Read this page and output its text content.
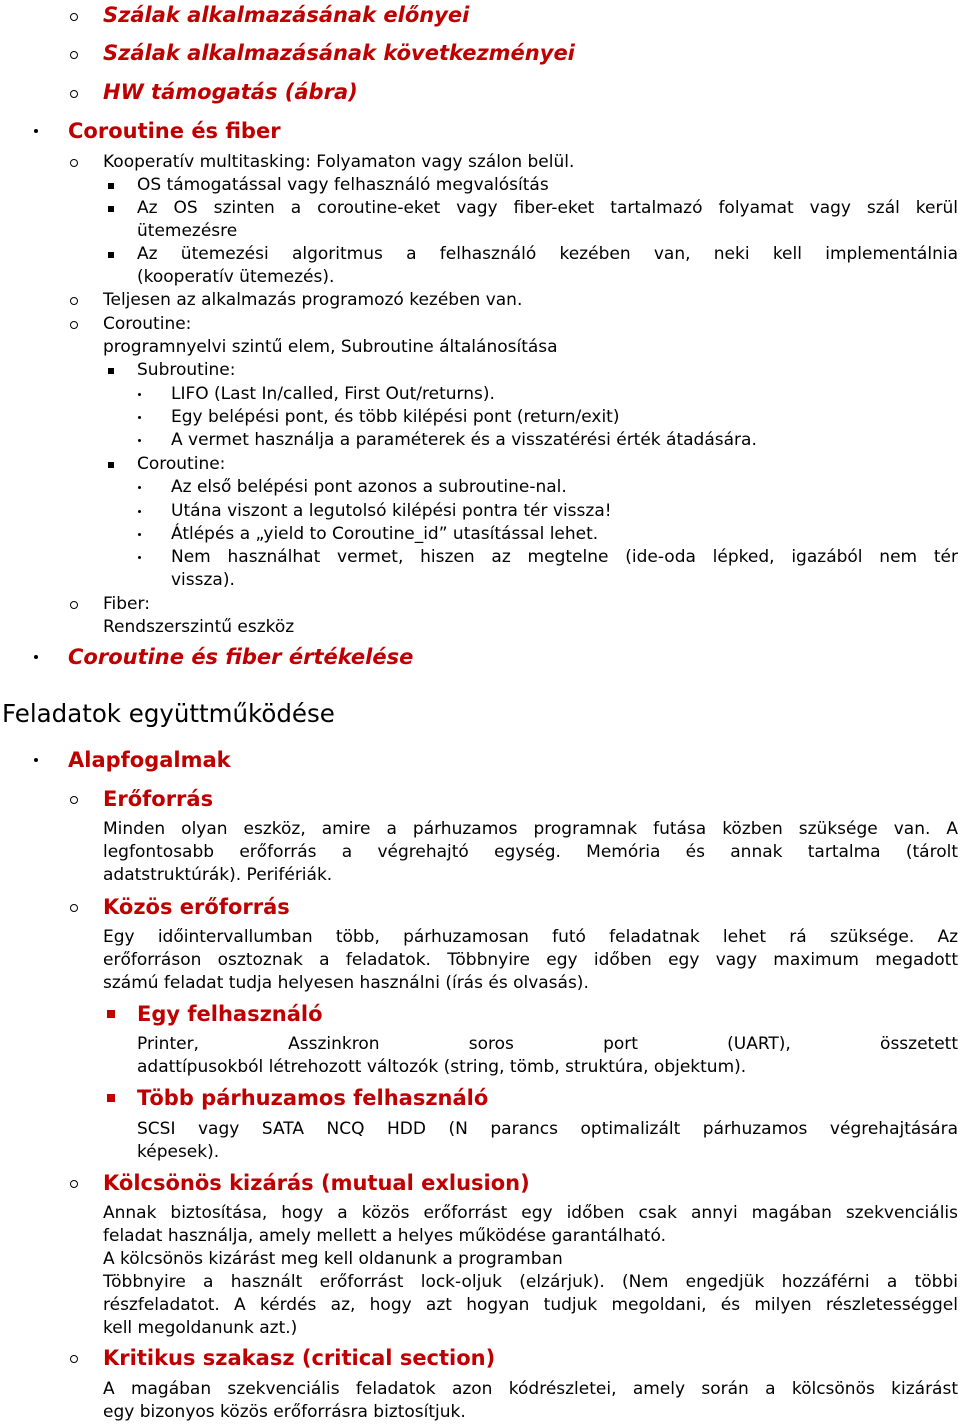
Szálak alkalmazásának előnyei
Szálak alkalmazásának következményei
HW támogatás (ábra)
Coroutine és fiber
Kooperatív multitasking: Folyamaton vagy szálon belül.
OS támogatással vagy felhasználó megvalósítás
Az OS szinten a coroutine-eket vagy fiber-eket tartalmazó folyamat vagy szál kerül
ütemezésre
Az ütemezési algoritmus a felhasználó kezében van, neki kell implementálnia
(kooperatív ütemezés).
Teljesen az alkalmazás programozó kezében van.
Coroutine:
programnyelvi szintű elem, Subroutine általánosítása
Subroutine:
LIFO (Last In/called, First Out/returns).
Egy belépési pont, és több kilépési pont (return/exit)
A vermet használja a paraméterek és a visszatérési érték átadására.
Coroutine:
Az első belépési pont azonos a subroutine-nal.
Utána viszont a legutolsó kilépési pontra tér vissza!
Átlépés a „yield to Coroutine_id” utasítással lehet.
Nem használhat vermet, hiszen az megtelne (ide-oda lépked, igazából nem tér
vissza).
Fiber:
Rendszerszintű eszköz
Coroutine és fiber értékelése
Feladatok együttműködése
Alapfogalmak
Erőforrás
Minden olyan eszköz, amire a párhuzamos programnak futása közben szüksége van. A
legfontosabb erőforrás a végrehajtó egység. Memória és annak tartalma (tárolt
adatstruktúrák). Perifériák.
Közös erőforrás
Egy időintervallumban több, párhuzamosan futó feladatnak lehet rá szüksége. Az
erőforráson osztoznak a feladatok. Többnyire egy időben egy vagy maximum megadott
számú feladat tudja helyesen használni (írás és olvasás).
Egy felhasználó
Printer, Asszinkron soros port (UART), összetett
adattípusokból létrehozott változók (string, tömb, struktúra, objektum).
Több párhuzamos felhasználó
SCSI vagy SATA NCQ HDD (N parancs optimalizált párhuzamos végrehajtására
képesek).
Kölcsönös kizárás (mutual exlusion)
Annak biztosítása, hogy a közös erőforrást egy időben csak annyi magában szekvenciális
feladat használja, amely mellett a helyes működése garantálható.
A kölcsönös kizárást meg kell oldanunk a programban
Többnyire a használt erőforrást lock-oljuk (elzárjuk). (Nem engedjük hozzáférni a többi
részfeladatot. A kérdés az, hogy azt hogyan tudjuk megoldani, és milyen részletességgel
kell megoldanunk azt.)
Kritikus szakasz (critical section)
A magában szekvenciális feladatok azon kódrészletei, amely során a kölcsönös kizárást
egy bizonyos közös erőforrásra biztosítjuk.
